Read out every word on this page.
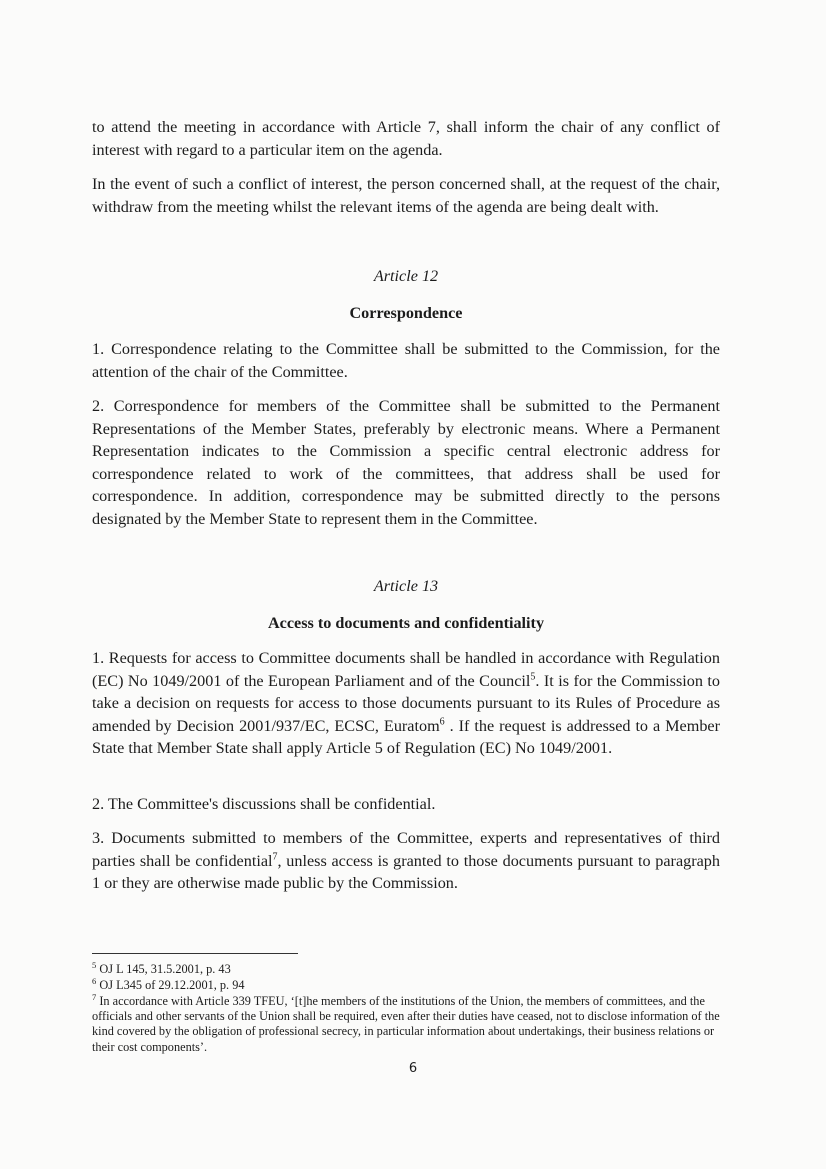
to attend the meeting in accordance with Article 7, shall inform the chair of any conflict of interest with regard to a particular item on the agenda.

In the event of such a conflict of interest, the person concerned shall, at the request of the chair, withdraw from the meeting whilst the relevant items of the agenda are being dealt with.

Article 12
Correspondence

1. Correspondence relating to the Committee shall be submitted to the Commission, for the attention of the chair of the Committee.

2. Correspondence for members of the Committee shall be submitted to the Permanent Representations of the Member States, preferably by electronic means. Where a Permanent Representation indicates to the Commission a specific central electronic address for correspondence related to work of the committees, that address shall be used for correspondence. In addition, correspondence may be submitted directly to the persons designated by the Member State to represent them in the Committee.

Article 13
Access to documents and confidentiality

1. Requests for access to Committee documents shall be handled in accordance with Regulation (EC) No 1049/2001 of the European Parliament and of the Council$^5$. It is for the Commission to take a decision on requests for access to those documents pursuant to its Rules of Procedure as amended by Decision 2001/937/EC, ECSC, Euratom$^6$ . If the request is addressed to a Member State that Member State shall apply Article 5 of Regulation (EC) No 1049/2001.

2. The Committee's discussions shall be confidential.

3. Documents submitted to members of the Committee, experts and representatives of third parties shall be confidential$^7$, unless access is granted to those documents pursuant to paragraph 1 or they are otherwise made public by the Commission.

$^5$ OJ L 145, 31.5.2001, p. 43

$^6$ OJ L345 of 29.12.2001, p. 94

$^7$ In accordance with Article 339 TFEU, ‘[t]he members of the institutions of the Union, the members of committees, and the officials and other servants of the Union shall be required, even after their duties have ceased, not to disclose information of the kind covered by the obligation of professional secrecy, in particular information about undertakings, their business relations or their cost components’.

6
